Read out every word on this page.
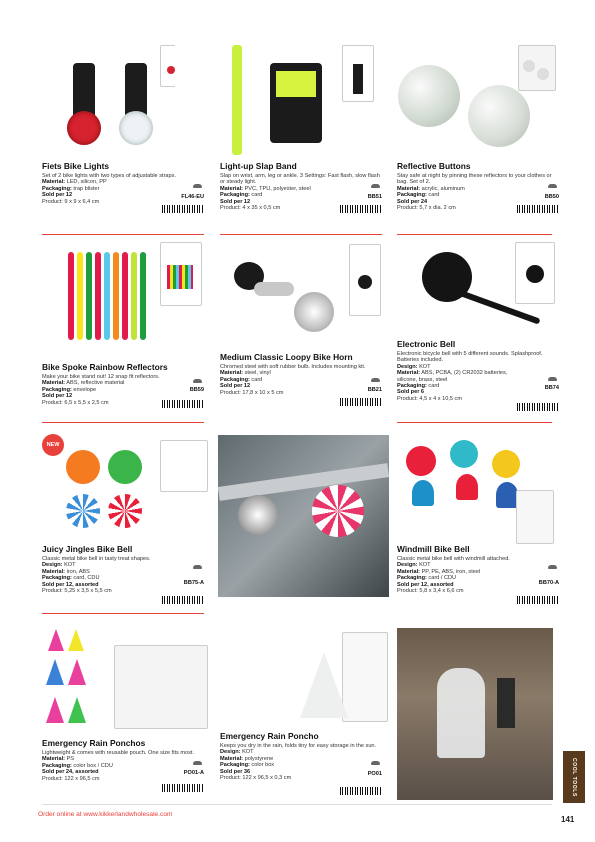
Fiets Bike Lights
Set of 2 bike lights with two types of adjustable straps.
FL46-EU
Material: LED, silicon, PP
Packaging: trap blister
Sold per 12
Product: 9 x 9 x 6,4 cm
Light-up Slap Band
Slap on wrist, arm, leg or ankle. 3 Settings: Fast flash, slow flash or steady light.
BB51
Material: PVC, TPU, polyester, steel
Packaging: card
Sold per 12
Product: 4 x 35 x 0,5 cm
Reflective Buttons
Stay safe at night by pinning these reflectors to your clothes or bag. Set of 2.
BB50
Material: acrylic, aluminum
Packaging: card
Sold per 24
Product: 5,7 x dia. 2 cm
Bike Spoke Rainbow Reflectors
Make your bike stand out! 12 snap fit reflectors.
BB59
Material: ABS, reflective material
Packaging: envelope
Sold per 12
Product: 6,5 x 5,5 x 2,5 cm
Medium Classic Loopy Bike Horn
Chromed steel with soft rubber bulb. Includes mounting kit.
BB21
Material: steel, vinyl
Packaging: card
Sold per 12
Product: 17,8 x 10 x 5 cm
Electronic Bell
Electronic bicycle bell with 5 different sounds. Splashproof. Batteries included.
BB74
Design: KOT
Material: ABS, PCBA, (2) CR2032 batteries, silicone, brass, steel
Packaging: card
Sold per 6
Product: 4,5 x 4 x 10,5 cm
NEW
Juicy Jingles Bike Bell
Classic metal bike bell in tasty treat shapes.
BB75-A
Design: KOT
Material: iron, ABS
Packaging: card, CDU
Sold per 12, assorted
Product: 5,25 x 3,5 x 5,5 cm
Windmill Bike Bell
Classic metal bike bell with windmill attached.
BB70-A
Design: KOT
Material: PP, PE, ABS, iron, steel
Packaging: card / CDU
Sold per 12, assorted
Product: 5,8 x 3,4 x 6,6 cm
Emergency Rain Ponchos
Lightweight & comes with reusable pouch. One size fits most.
PO01-A
Material: PS
Packaging: color box / CDU
Sold per 24, assorted
Product: 122 x 96,5 cm
Emergency Rain Poncho
Keeps you dry in the rain, folds tiny for easy storage in the sun.
PO01
Design: KOT
Material: polystyrene
Packaging: color box
Sold per 36
Product: 122 x 96,5 x 0,3 cm
Order online at www.kikkerlandwholesale.com
141
COOL TOOLS
